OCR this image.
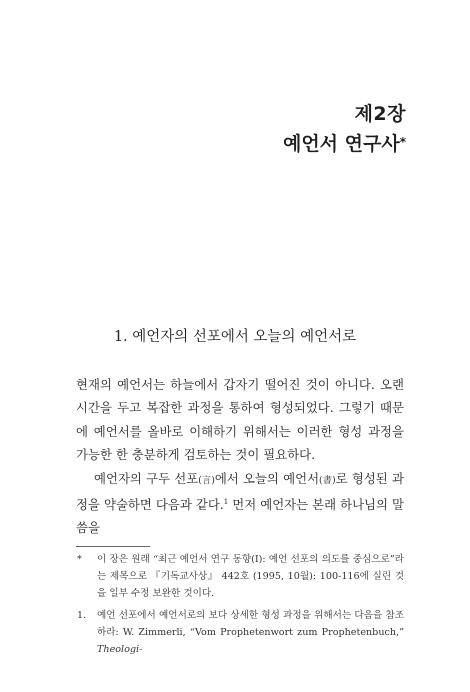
제2장
예언서 연구사*
1. 예언자의 선포에서 오늘의 예언서로

현재의 예언서는 하늘에서 갑자기 떨어진 것이 아니다. 오랜 시간을 두고 복잡한 과정을 통하여 형성되었다. 그렇기 때문에 예언서를 올바로 이해하기 위해서는 이러한 형성 과정을 가능한 한 충분하게 검토하는 것이 필요하다.

예언자의 구두 선포(言)에서 오늘의 예언서(書)로 형성된 과정을 약술하면 다음과 같다.$^1$ 먼저 예언자는 본래 하나님의 말씀을

* 이 장은 원래 “최근 예언서 연구 동향(I): 예언 선포의 의도를 중심으로”라는 제목으로 『기독교사상』 442호 (1995, 10월): 100-116에 실린 것을 일부 수정 보완한 것이다.

1. 예언 선포에서 예언서로의 보다 상세한 형성 과정을 위해서는 다음을 참조하라: W. Zimmerli, “Vom Prophetenwort zum Prophetenbuch,” Theologi-
